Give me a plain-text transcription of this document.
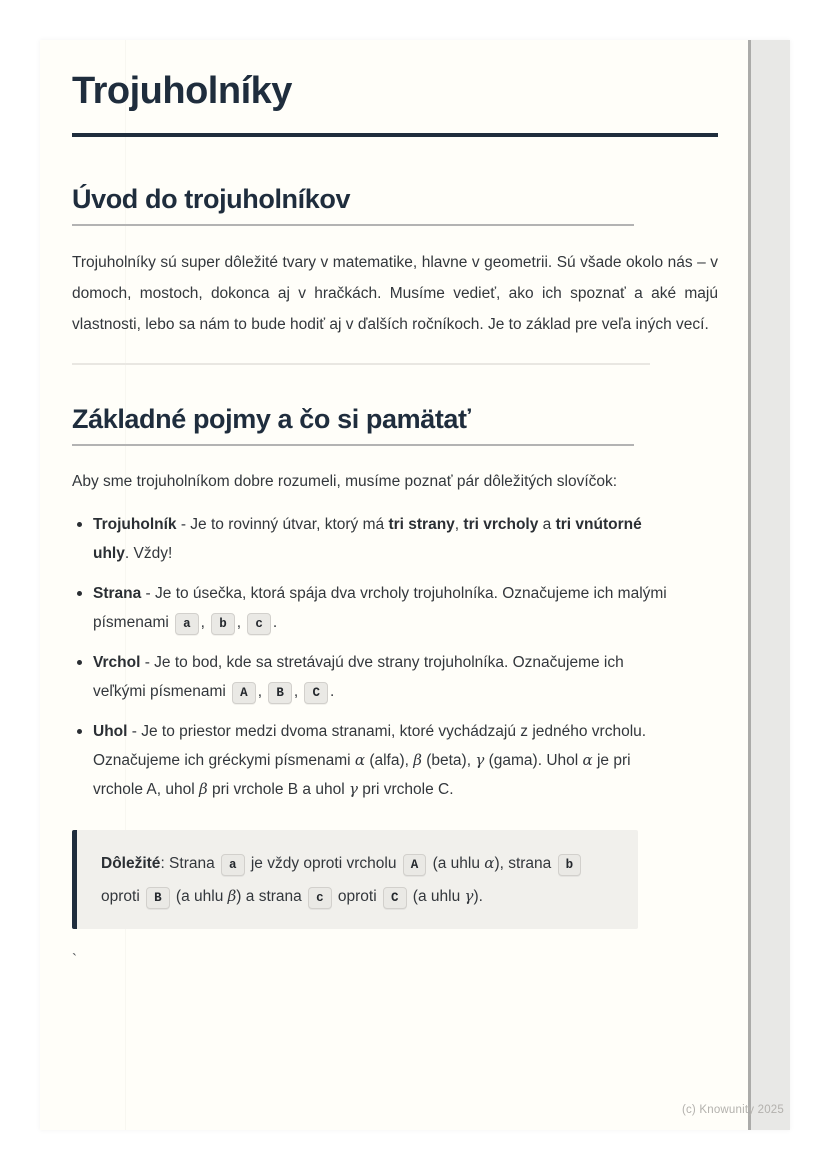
Trojuholníky
Úvod do trojuholníkov

Trojuholníky sú super dôležité tvary v matematike, hlavne v geometrii. Sú všade okolo nás – v domoch, mostoch, dokonca aj v hračkách. Musíme vedieť, ako ich spoznať a aké majú vlastnosti, lebo sa nám to bude hodiť aj v ďalších ročníkoch. Je to základ pre veľa iných vecí.

Základné pojmy a čo si pamätať

Aby sme trojuholníkom dobre rozumeli, musíme poznať pár dôležitých slovíčok:

Trojuholník - Je to rovinný útvar, ktorý má tri strany, tri vrcholy a tri vnútorné uhly. Vždy!
Strana - Je to úsečka, ktorá spája dva vrcholy trojuholníka. Označujeme ich malými písmenami a , b , c .
Vrchol - Je to bod, kde sa stretávajú dve strany trojuholníka. Označujeme ich veľkými písmenami A , B , C .
Uhol - Je to priestor medzi dvoma stranami, ktoré vychádzajú z jedného vrcholu. Označujeme ich gréckymi písmenami α (alfa), β (beta), γ (gama). Uhol α je pri vrchole A, uhol β pri vrchole B a uhol γ pri vrchole C.
Dôležité: Strana a je vždy oproti vrcholu A (a uhlu α), strana b oproti B (a uhlu β) a strana c oproti C (a uhlu γ).
`
(c) Knowunity 2025
